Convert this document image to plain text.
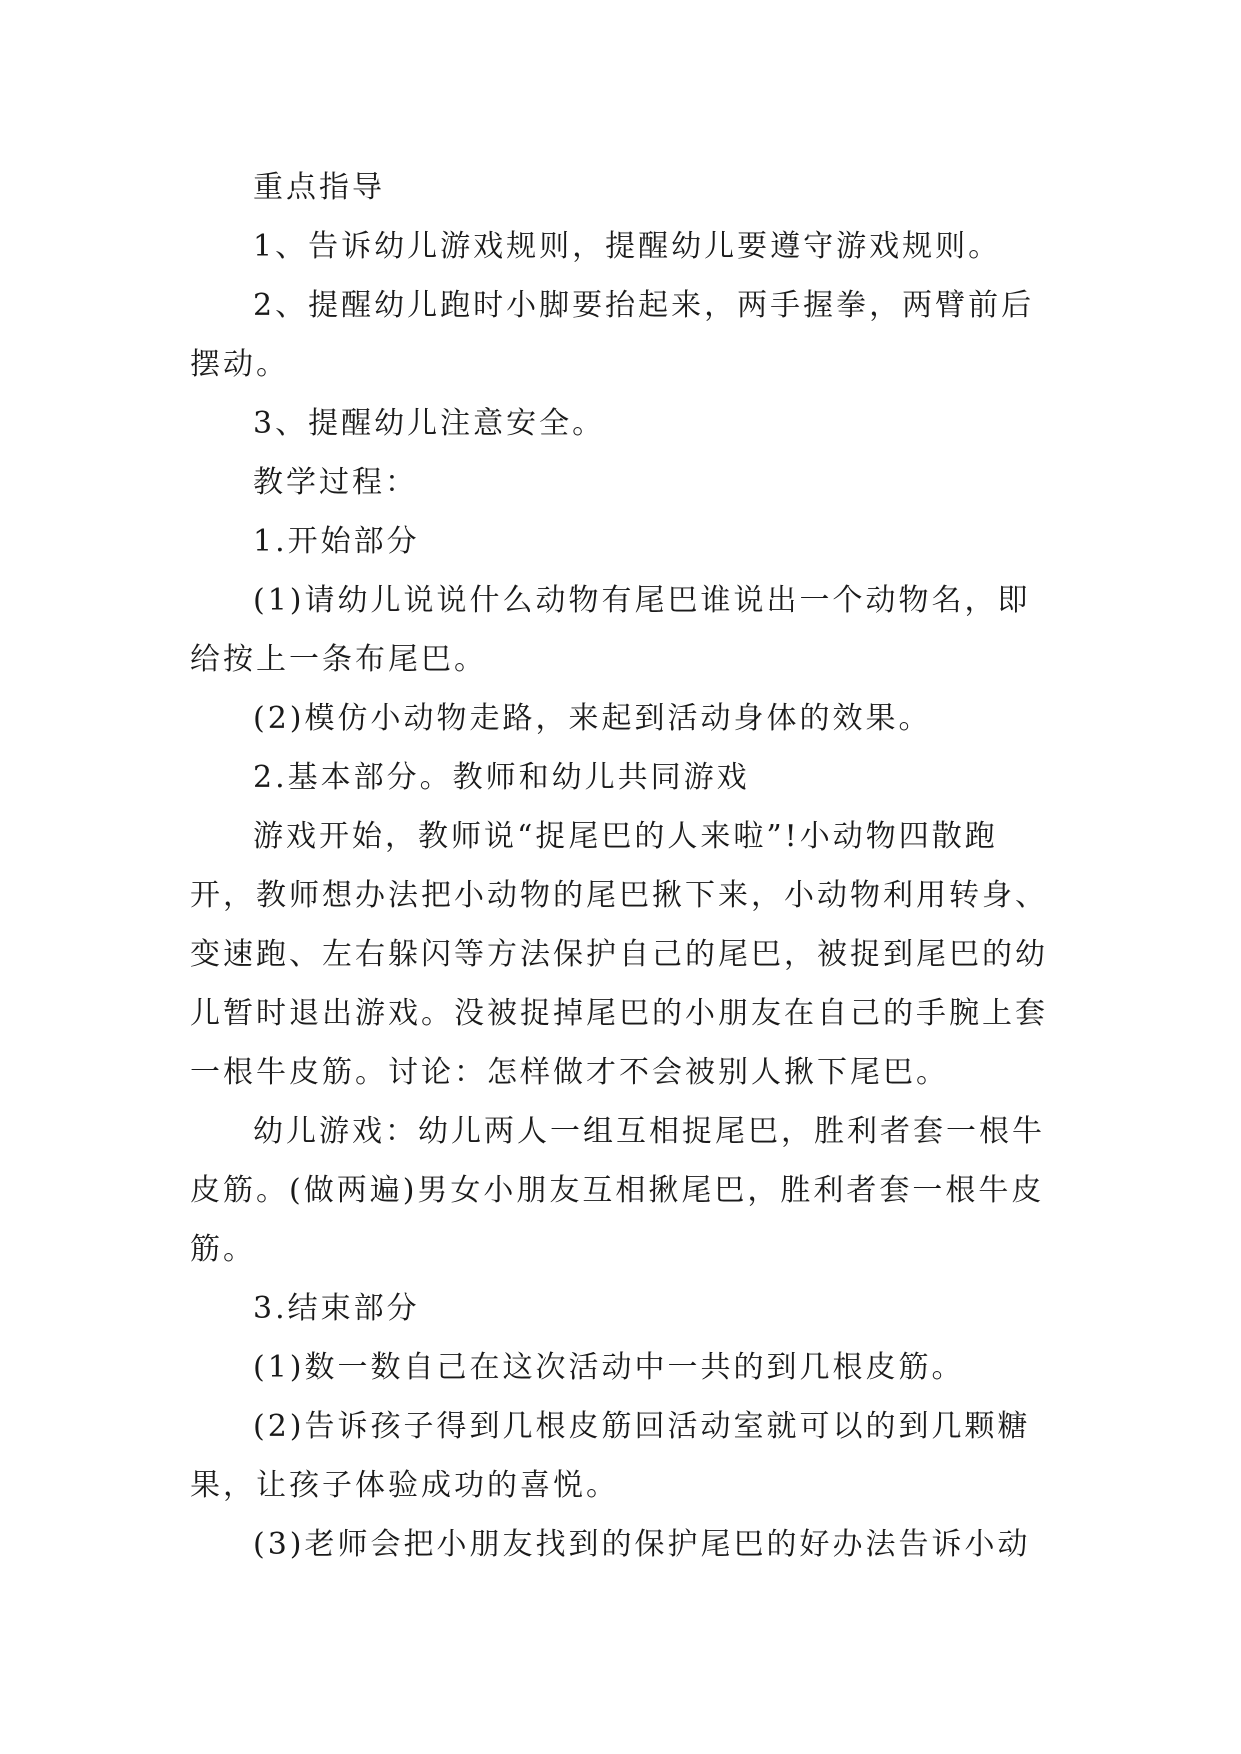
重点指导

1、告诉幼儿游戏规则，提醒幼儿要遵守游戏规则。

2、提醒幼儿跑时小脚要抬起来，两手握拳，两臂前后摆动。

3、提醒幼儿注意安全。

教学过程：

1.开始部分

(1)请幼儿说说什么动物有尾巴谁说出一个动物名，即给按上一条布尾巴。

(2)模仿小动物走路，来起到活动身体的效果。

2.基本部分。教师和幼儿共同游戏

游戏开始，教师说“捉尾巴的人来啦”!小动物四散跑开，教师想办法把小动物的尾巴揪下来，小动物利用转身、变速跑、左右躲闪等方法保护自己的尾巴，被捉到尾巴的幼儿暂时退出游戏。没被捉掉尾巴的小朋友在自己的手腕上套一根牛皮筋。讨论：怎样做才不会被别人揪下尾巴。

幼儿游戏：幼儿两人一组互相捉尾巴，胜利者套一根牛皮筋。(做两遍)男女小朋友互相揪尾巴，胜利者套一根牛皮筋。

3.结束部分

(1)数一数自己在这次活动中一共的到几根皮筋。

(2)告诉孩子得到几根皮筋回活动室就可以的到几颗糖果，让孩子体验成功的喜悦。

(3)老师会把小朋友找到的保护尾巴的好办法告诉小动
